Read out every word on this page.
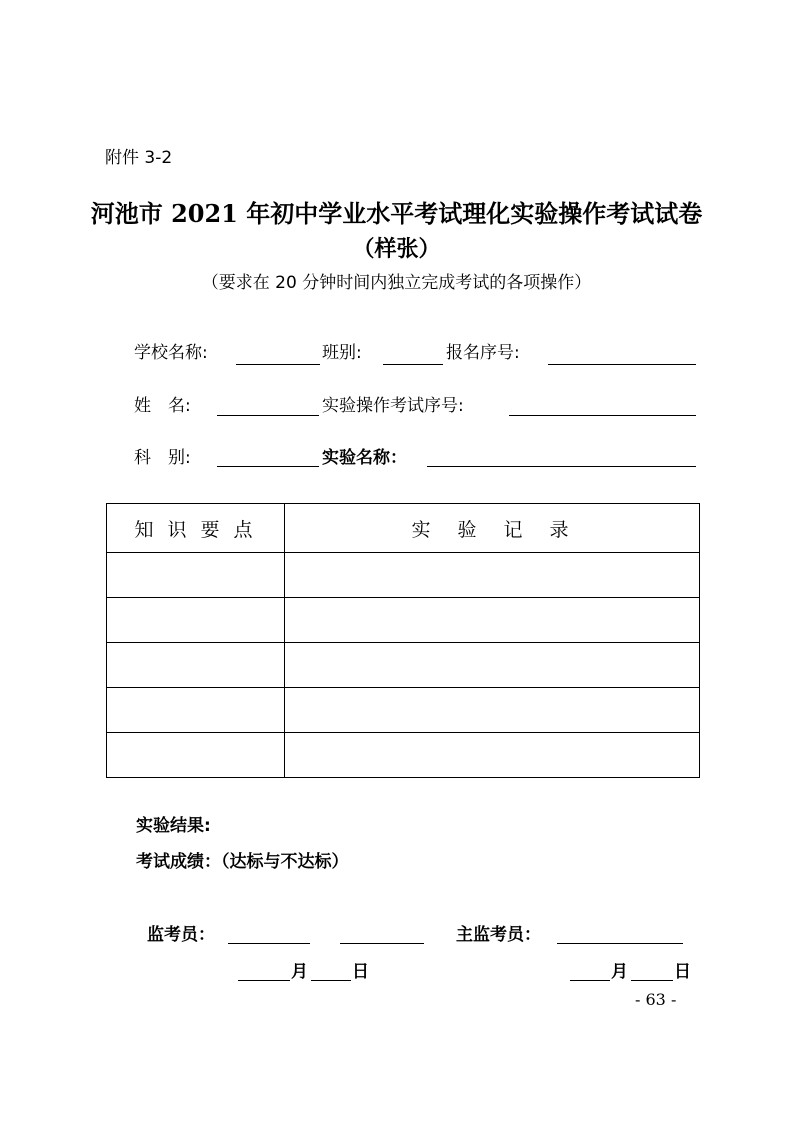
附件 3-2
河池市 2021 年初中学业水平考试理化实验操作考试试卷
（样张）
（要求在 20 分钟时间内独立完成考试的各项操作）
学校名称:	班别:	报名序号:
姓　名:	实验操作考试序号:
科　别:	实验名称：
知 识 要 点	实　验　记　录

实验结果:
考试成绩：（达标与不达标）
监考员：	主监考员：
月	日	月	日
- 63 -
